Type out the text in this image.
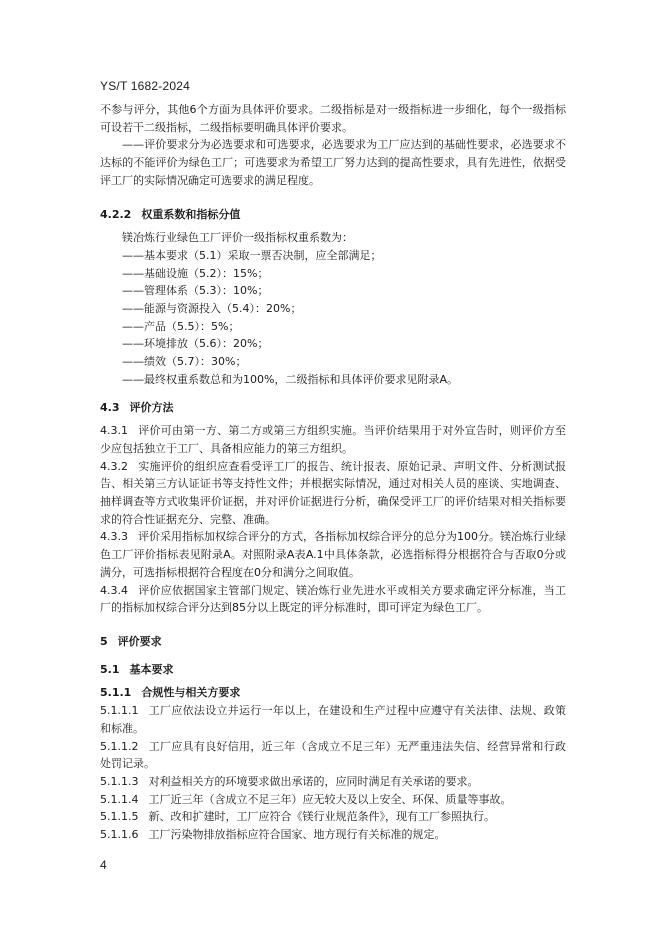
YS/T 1682-2024

不参与评分，其他6个方面为具体评价要求。二级指标是对一级指标进一步细化，每个一级指标可设若干二级指标，二级指标要明确具体评价要求。

——评价要求分为必选要求和可选要求，必选要求为工厂应达到的基础性要求，必选要求不达标的不能评价为绿色工厂；可选要求为希望工厂努力达到的提高性要求，具有先进性，依据受评工厂的实际情况确定可选要求的满足程度。

4.2.2 权重系数和指标分值

镁冶炼行业绿色工厂评价一级指标权重系数为：

——基本要求（5.1）采取一票否决制，应全部满足；

——基础设施（5.2）：15%；

——管理体系（5.3）：10%；

——能源与资源投入（5.4）：20%；

——产品（5.5）：5%；

——环境排放（5.6）：20%；

——绩效（5.7）：30%；

——最终权重系数总和为100%，二级指标和具体评价要求见附录A。

4.3 评价方法

4.3.1 评价可由第一方、第二方或第三方组织实施。当评价结果用于对外宣告时，则评价方至少应包括独立于工厂、具备相应能力的第三方组织。

4.3.2 实施评价的组织应查看受评工厂的报告、统计报表、原始记录、声明文件、分析测试报告、相关第三方认证证书等支持性文件；并根据实际情况，通过对相关人员的座谈、实地调查、抽样调查等方式收集评价证据，并对评价证据进行分析，确保受评工厂的评价结果对相关指标要求的符合性证据充分、完整、准确。

4.3.3 评价采用指标加权综合评分的方式，各指标加权综合评分的总分为100分。镁冶炼行业绿色工厂评价指标表见附录A。对照附录A表A.1中具体条款，必选指标得分根据符合与否取0分或满分，可选指标根据符合程度在0分和满分之间取值。

4.3.4 评价应依据国家主管部门规定、镁冶炼行业先进水平或相关方要求确定评分标准，当工厂的指标加权综合评分达到85分以上既定的评分标准时，即可评定为绿色工厂。

5 评价要求

5.1 基本要求

5.1.1 合规性与相关方要求

5.1.1.1 工厂应依法设立并运行一年以上，在建设和生产过程中应遵守有关法律、法规、政策和标准。

5.1.1.2 工厂应具有良好信用，近三年（含成立不足三年）无严重违法失信、经营异常和行政处罚记录。

5.1.1.3 对利益相关方的环境要求做出承诺的，应同时满足有关承诺的要求。

5.1.1.4 工厂近三年（含成立不足三年）应无较大及以上安全、环保、质量等事故。

5.1.1.5 新、改和扩建时，工厂应符合《镁行业规范条件》，现有工厂参照执行。

5.1.1.6 工厂污染物排放指标应符合国家、地方现行有关标准的规定。

4
